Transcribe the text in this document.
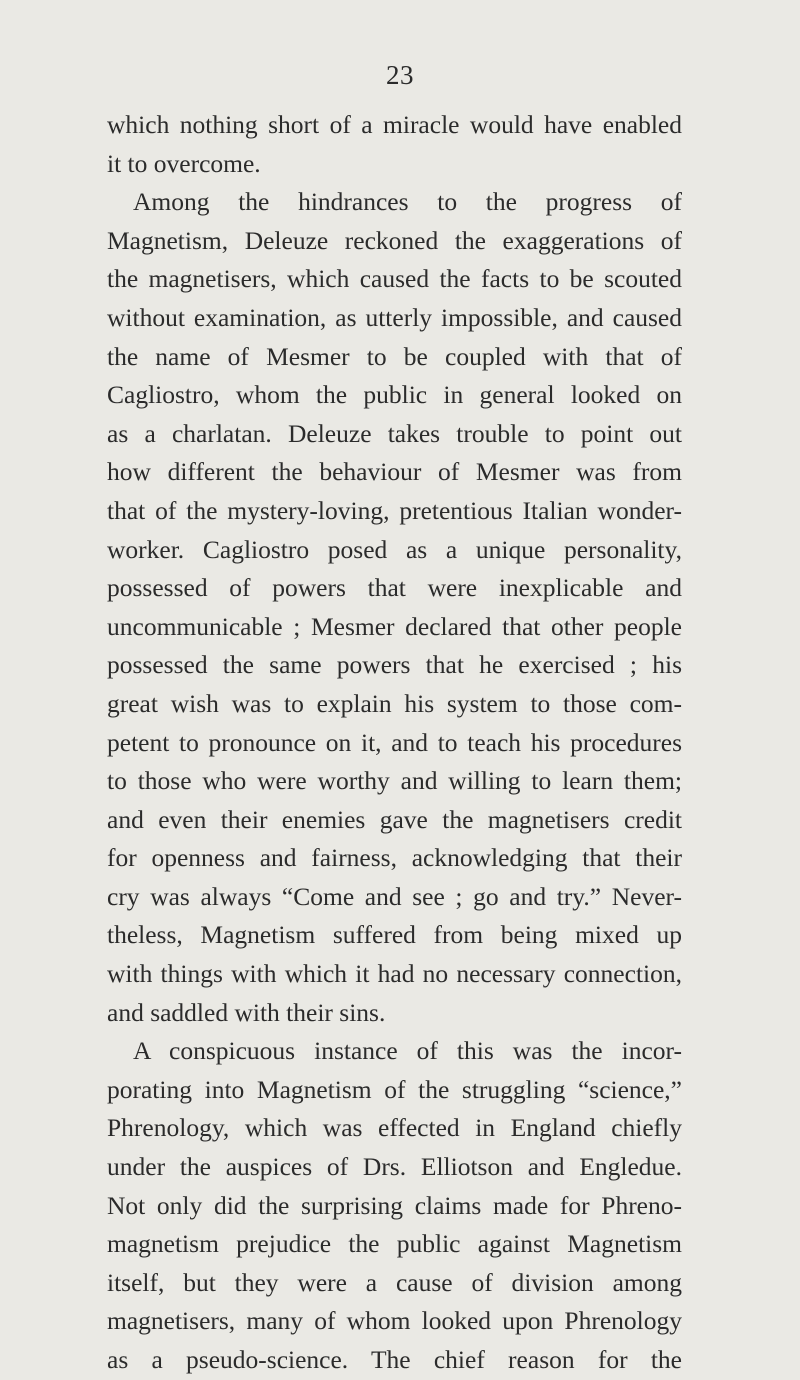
23
which nothing short of a miracle would have enabled
it to overcome.
Among the hindrances to the progress of
Magnetism, Deleuze reckoned the exaggerations of
the magnetisers, which caused the facts to be scouted
without examination, as utterly impossible, and caused
the name of Mesmer to be coupled with that of
Cagliostro, whom the public in general looked on
as a charlatan. Deleuze takes trouble to point out
how different the behaviour of Mesmer was from
that of the mystery-loving, pretentious Italian wonder-
worker. Cagliostro posed as a unique personality,
possessed of powers that were inexplicable and
uncommunicable ; Mesmer declared that other people
possessed the same powers that he exercised ; his
great wish was to explain his system to those com-
petent to pronounce on it, and to teach his procedures
to those who were worthy and willing to learn them;
and even their enemies gave the magnetisers credit
for openness and fairness, acknowledging that their
cry was always “Come and see ; go and try.” Never-
theless, Magnetism suffered from being mixed up
with things with which it had no necessary connection,
and saddled with their sins.
A conspicuous instance of this was the incor-
porating into Magnetism of the struggling “science,”
Phrenology, which was effected in England chiefly
under the auspices of Drs. Elliotson and Engledue.
Not only did the surprising claims made for Phreno-
magnetism prejudice the public against Magnetism
itself, but they were a cause of division among
magnetisers, many of whom looked upon Phrenology
as a pseudo-science. The chief reason for the
